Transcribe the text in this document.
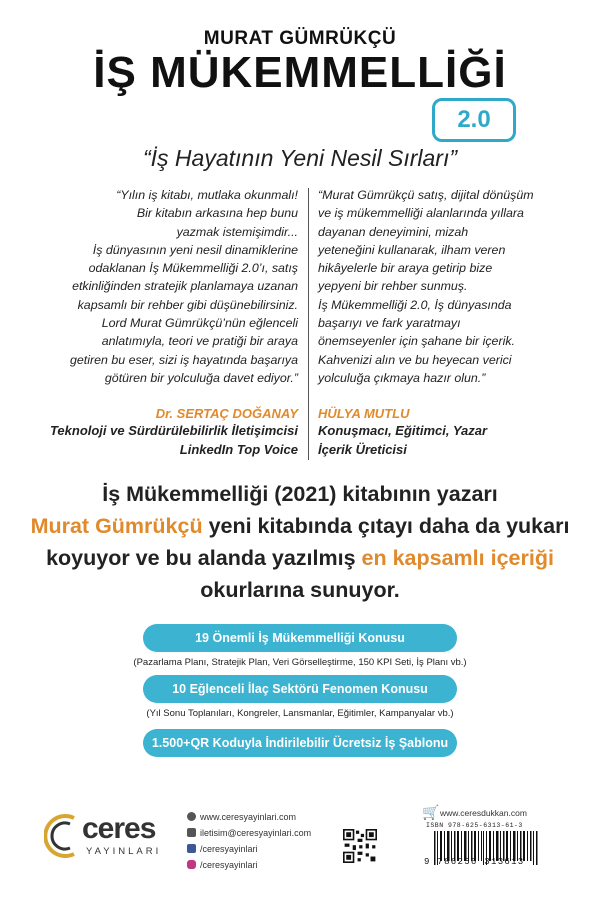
MURAT GÜMRÜKÇÜ
İŞ MÜKEMMELLİĞİ
2.0
“İş Hayatının Yeni Nesil Sırları”
“Yılın iş kitabı, mutlaka okunmalı!
Bir kitabın arkasına hep bunu
yazmak istemişimdir...
İş dünyasının yeni nesil dinamiklerine
odaklanan İş Mükemmelliği 2.0’ı, satış
etkinliğinden stratejik planlamaya uzanan
kapsamlı bir rehber gibi düşünebilirsiniz.
Lord Murat Gümrükçü’nün eğlenceli
anlatımıyla, teori ve pratiği bir araya
getiren bu eser, sizi iş hayatında başarıya
götüren bir yolculuğa davet ediyor.”
“Murat Gümrükçü satış, dijital dönüşüm
ve iş mükemmelliği alanlarında yıllara
dayanan deneyimini, mizah
yeteneğini kullanarak, ilham veren
hikâyelerle bir araya getirip bize
yepyeni bir rehber sunmuş.
İş Mükemmelliği 2.0, İş dünyasında
başarıyı ve fark yaratmayı
önemseyenler için şahane bir içerik.
Kahvenizi alın ve bu heyecan verici
yolculuğa çıkmaya hazır olun.”
Dr. SERTAÇ DOĞANAY
Teknoloji ve Sürdürülebilirlik İletişimcisi
LinkedIn Top Voice
HÜLYA MUTLU
Konuşmacı, Eğitimci, Yazar
İçerik Üreticisi
İş Mükemmelliği (2021) kitabının yazarı
Murat Gümrükçü yeni kitabında çıtayı daha da yukarı
koyuyor ve bu alanda yazılmış en kapsamlı içeriği
okurlarına sunuyor.
19 Önemli İş Mükemmelliği Konusu
(Pazarlama Planı, Stratejik Plan, Veri Görselleştirme, 150 KPI Seti, İş Planı vb.)
10 Eğlenceli İlaç Sektörü Fenomen Konusu
(Yıl Sonu Toplanıları, Kongreler, Lansmanlar, Eğitimler, Kampanyalar vb.)
1.500+QR Koduyla İndirilebilir Ücretsiz İş Şablonu
ceres
YAYINLARI
www.ceresyayinlari.com
iletisim@ceresyayinlari.com
/ceresyayinlari
/ceresyayinlari
🛒 www.ceresdukkan.com
ISBN 978-625-6313-61-3
9 786256 313613
